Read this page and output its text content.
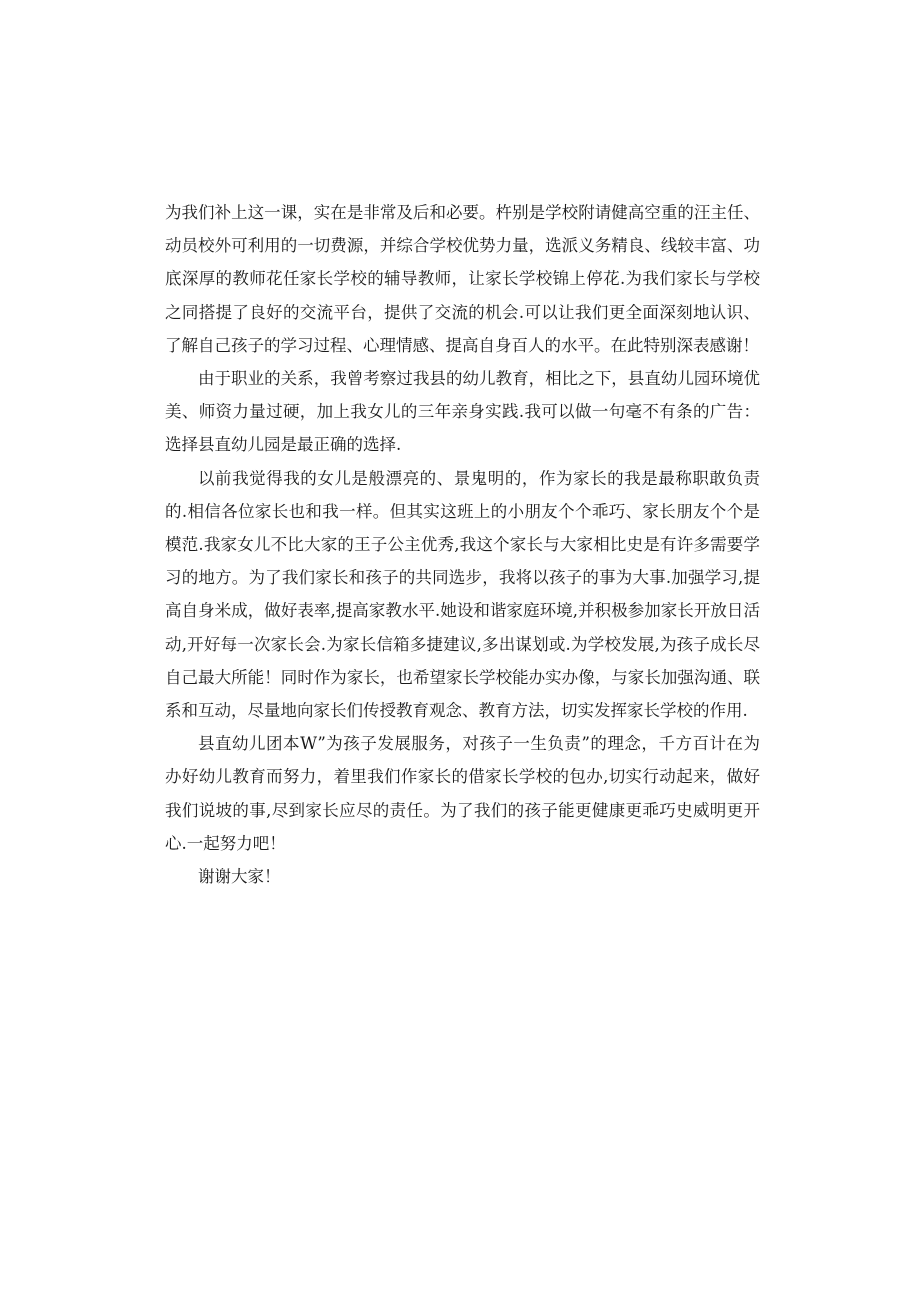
为我们补上这一课，实在是非常及后和必要。杵别是学校附请健高空重的汪主任、动员校外可利用的一切费源，并综合学校优势力量，选派义务精良、线较丰富、功底深厚的教师花任家长学校的辅导教师，让家长学校锦上停花.为我们家长与学校之同搭提了良好的交流平台，提供了交流的机会.可以让我们更全面深刻地认识、了解自己孩子的学习过程、心理情感、提高自身百人的水平。在此特别深表感谢！

由于职业的关系，我曾考察过我县的幼儿教育，相比之下，县直幼儿园环境优美、师资力量过硬，加上我女儿的三年亲身实践.我可以做一句毫不有条的广告：选择县直幼儿园是最正确的选择.

以前我觉得我的女儿是般漂亮的、景鬼明的，作为家长的我是最称职敢负责的.相信各位家长也和我一样。但其实这班上的小朋友个个乖巧、家长朋友个个是模范.我家女儿不比大家的王子公主优秀,我这个家长与大家相比史是有许多需要学习的地方。为了我们家长和孩子的共同选步，我将以孩子的事为大事.加强学习,提高自身米成，做好表率,提高家教水平.她设和谐家庭环境,并积极参加家长开放日活动,开好每一次家长会.为家长信箱多捷建议,多出谋划或.为学校发展,为孩子成长尽自己最大所能！同时作为家长，也希望家长学校能办实办像，与家长加强沟通、联系和互动，尽量地向家长们传授教育观念、教育方法，切实发挥家长学校的作用.

县直幼儿团本W”为孩子发展服务，对孩子一生负责”的理念，千方百计在为办好幼儿教育而努力，着里我们作家长的借家长学校的包办,切实行动起来，做好我们说坡的事,尽到家长应尽的责任。为了我们的孩子能更健康更乖巧史威明更开心.一起努力吧！

谢谢大家！
